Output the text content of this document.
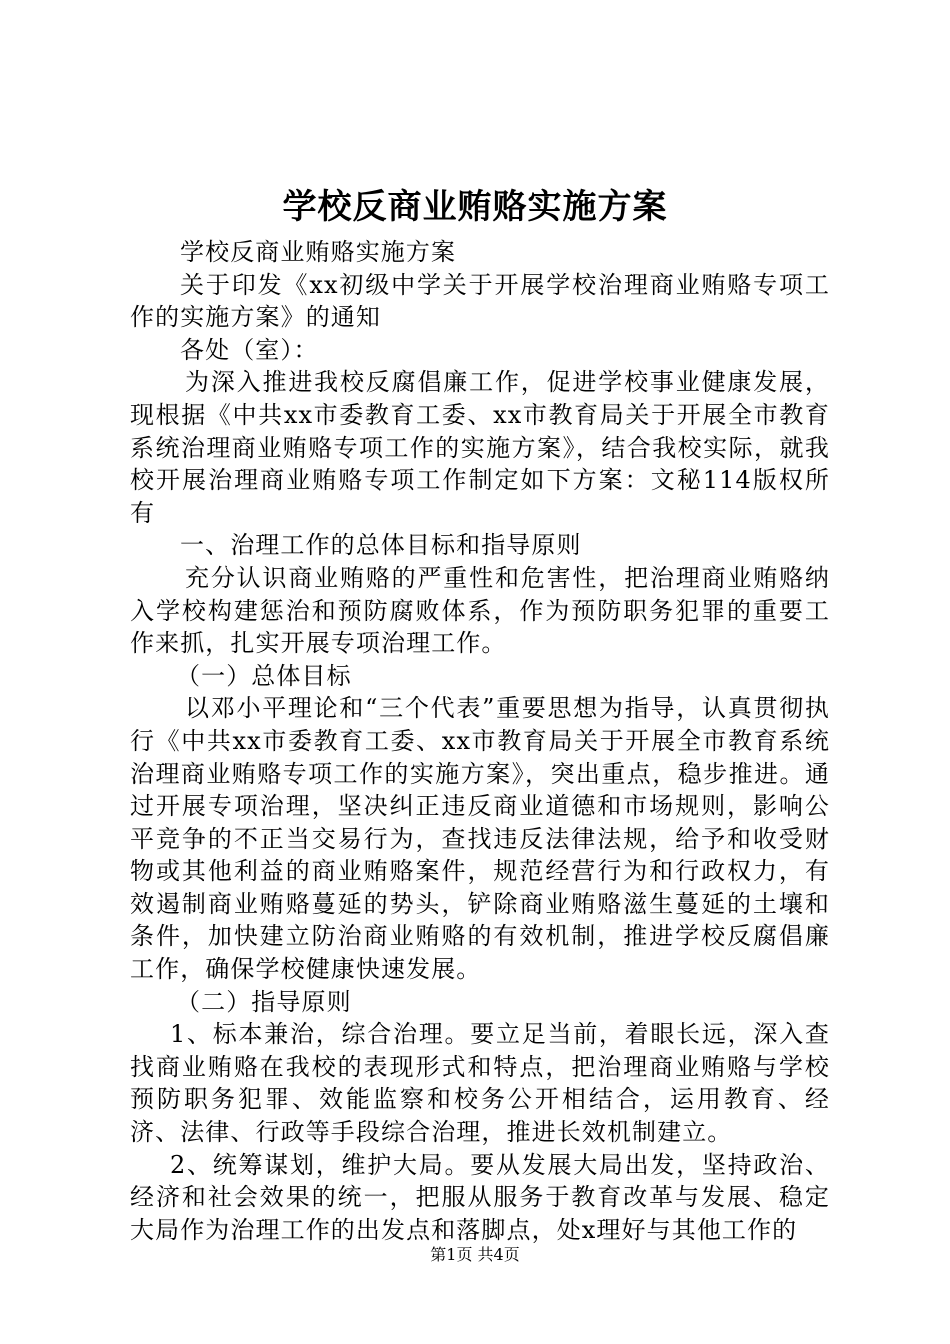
学校反商业贿赂实施方案

学校反商业贿赂实施方案

关于印发《xx初级中学关于开展学校治理商业贿赂专项工作的实施方案》的通知

各处（室）：

为深入推进我校反腐倡廉工作，促进学校事业健康发展，现根据《中共xx市委教育工委、xx市教育局关于开展全市教育系统治理商业贿赂专项工作的实施方案》，结合我校实际，就我校开展治理商业贿赂专项工作制定如下方案：文秘114版权所有

一、治理工作的总体目标和指导原则

充分认识商业贿赂的严重性和危害性，把治理商业贿赂纳入学校构建惩治和预防腐败体系，作为预防职务犯罪的重要工作来抓，扎实开展专项治理工作。

（一）总体目标

以邓小平理论和“三个代表”重要思想为指导，认真贯彻执行《中共xx市委教育工委、xx市教育局关于开展全市教育系统治理商业贿赂专项工作的实施方案》，突出重点，稳步推进。通过开展专项治理，坚决纠正违反商业道德和市场规则，影响公平竞争的不正当交易行为，查找违反法律法规，给予和收受财物或其他利益的商业贿赂案件，规范经营行为和行政权力，有效遏制商业贿赂蔓延的势头，铲除商业贿赂滋生蔓延的土壤和条件，加快建立防治商业贿赂的有效机制，推进学校反腐倡廉工作，确保学校健康快速发展。

（二）指导原则

1、标本兼治，综合治理。要立足当前，着眼长远，深入查找商业贿赂在我校的表现形式和特点，把治理商业贿赂与学校预防职务犯罪、效能监察和校务公开相结合，运用教育、经济、法律、行政等手段综合治理，推进长效机制建立。

2、统筹谋划，维护大局。要从发展大局出发，坚持政治、经济和社会效果的统一，把服从服务于教育改革与发展、稳定大局作为治理工作的出发点和落脚点，处x理好与其他工作的

第1页 共4页
